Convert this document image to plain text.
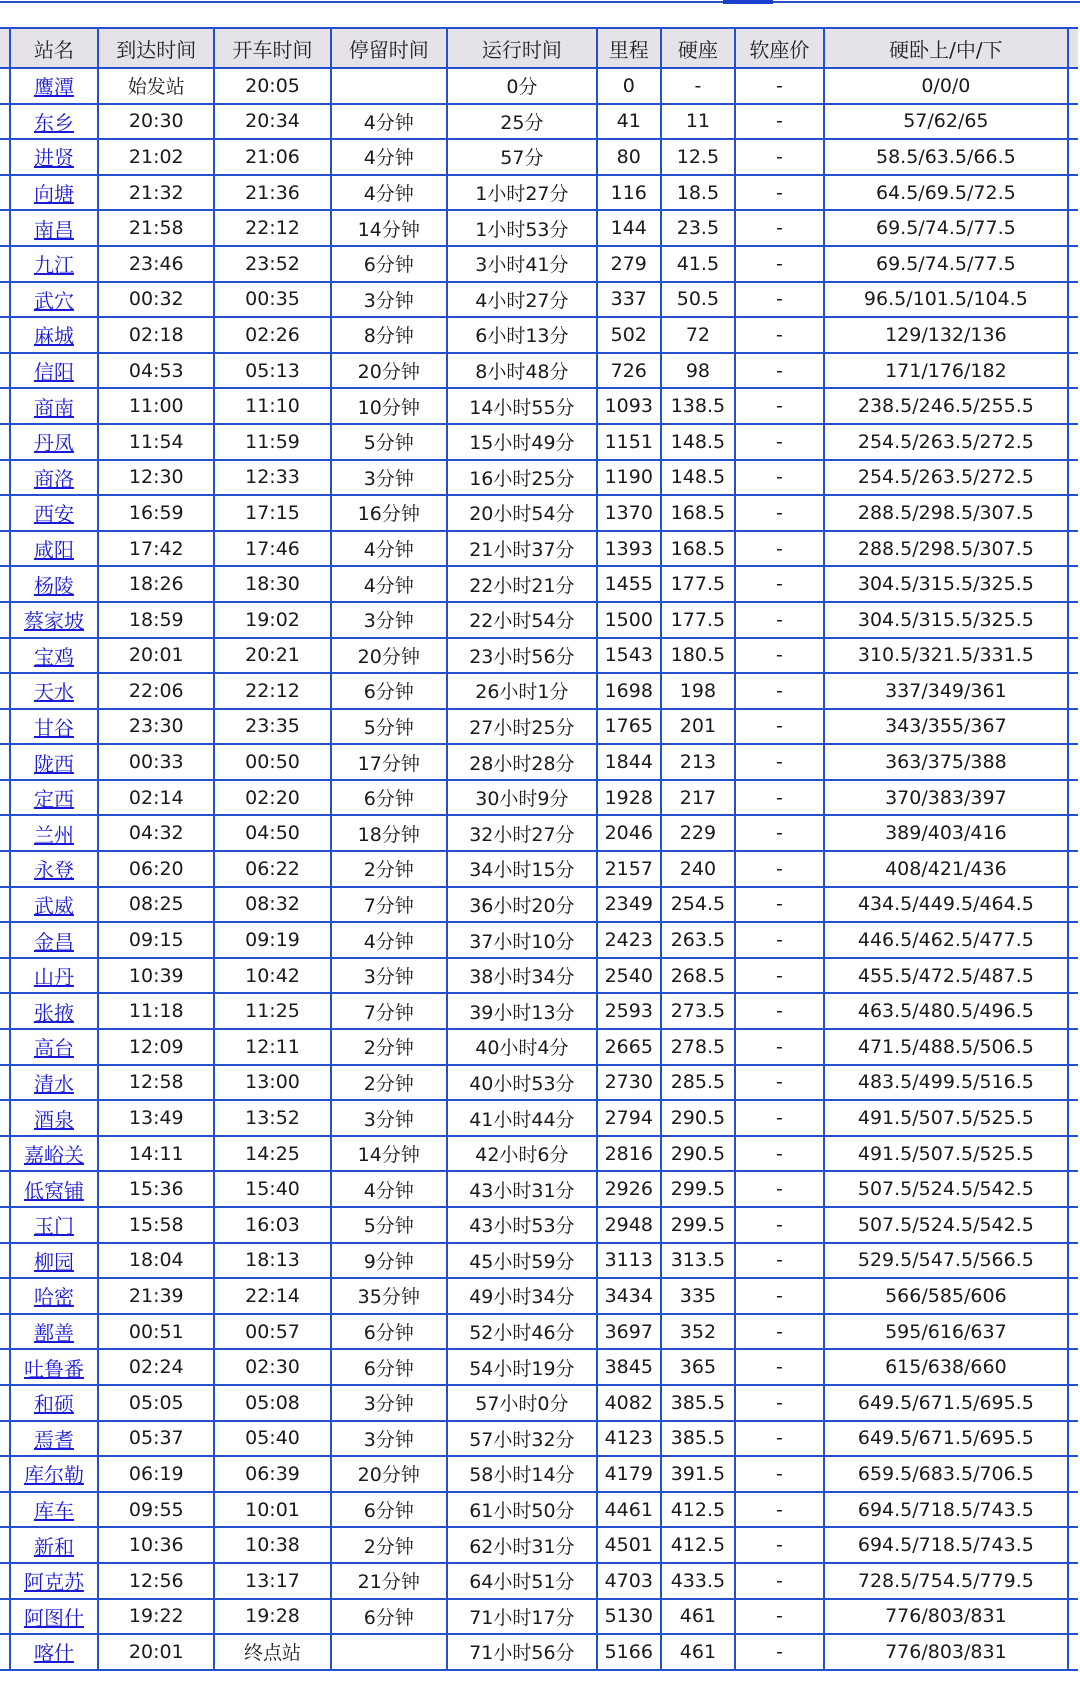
	站名	到达时间	开车时间	停留时间	运行时间	里程	硬座	软座价	硬卧上/中/下	
	鹰潭	始发站	20:05		0分	0	-	-	0/0/0	
	东乡	20:30	20:34	4分钟	25分	41	11	-	57/62/65	
	进贤	21:02	21:06	4分钟	57分	80	12.5	-	58.5/63.5/66.5	
	向塘	21:32	21:36	4分钟	1小时27分	116	18.5	-	64.5/69.5/72.5	
	南昌	21:58	22:12	14分钟	1小时53分	144	23.5	-	69.5/74.5/77.5	
	九江	23:46	23:52	6分钟	3小时41分	279	41.5	-	69.5/74.5/77.5	
	武穴	00:32	00:35	3分钟	4小时27分	337	50.5	-	96.5/101.5/104.5	
	麻城	02:18	02:26	8分钟	6小时13分	502	72	-	129/132/136	
	信阳	04:53	05:13	20分钟	8小时48分	726	98	-	171/176/182	
	商南	11:00	11:10	10分钟	14小时55分	1093	138.5	-	238.5/246.5/255.5	
	丹凤	11:54	11:59	5分钟	15小时49分	1151	148.5	-	254.5/263.5/272.5	
	商洛	12:30	12:33	3分钟	16小时25分	1190	148.5	-	254.5/263.5/272.5	
	西安	16:59	17:15	16分钟	20小时54分	1370	168.5	-	288.5/298.5/307.5	
	咸阳	17:42	17:46	4分钟	21小时37分	1393	168.5	-	288.5/298.5/307.5	
	杨陵	18:26	18:30	4分钟	22小时21分	1455	177.5	-	304.5/315.5/325.5	
	蔡家坡	18:59	19:02	3分钟	22小时54分	1500	177.5	-	304.5/315.5/325.5	
	宝鸡	20:01	20:21	20分钟	23小时56分	1543	180.5	-	310.5/321.5/331.5	
	天水	22:06	22:12	6分钟	26小时1分	1698	198	-	337/349/361	
	甘谷	23:30	23:35	5分钟	27小时25分	1765	201	-	343/355/367	
	陇西	00:33	00:50	17分钟	28小时28分	1844	213	-	363/375/388	
	定西	02:14	02:20	6分钟	30小时9分	1928	217	-	370/383/397	
	兰州	04:32	04:50	18分钟	32小时27分	2046	229	-	389/403/416	
	永登	06:20	06:22	2分钟	34小时15分	2157	240	-	408/421/436	
	武威	08:25	08:32	7分钟	36小时20分	2349	254.5	-	434.5/449.5/464.5	
	金昌	09:15	09:19	4分钟	37小时10分	2423	263.5	-	446.5/462.5/477.5	
	山丹	10:39	10:42	3分钟	38小时34分	2540	268.5	-	455.5/472.5/487.5	
	张掖	11:18	11:25	7分钟	39小时13分	2593	273.5	-	463.5/480.5/496.5	
	高台	12:09	12:11	2分钟	40小时4分	2665	278.5	-	471.5/488.5/506.5	
	清水	12:58	13:00	2分钟	40小时53分	2730	285.5	-	483.5/499.5/516.5	
	酒泉	13:49	13:52	3分钟	41小时44分	2794	290.5	-	491.5/507.5/525.5	
	嘉峪关	14:11	14:25	14分钟	42小时6分	2816	290.5	-	491.5/507.5/525.5	
	低窝铺	15:36	15:40	4分钟	43小时31分	2926	299.5	-	507.5/524.5/542.5	
	玉门	15:58	16:03	5分钟	43小时53分	2948	299.5	-	507.5/524.5/542.5	
	柳园	18:04	18:13	9分钟	45小时59分	3113	313.5	-	529.5/547.5/566.5	
	哈密	21:39	22:14	35分钟	49小时34分	3434	335	-	566/585/606	
	鄯善	00:51	00:57	6分钟	52小时46分	3697	352	-	595/616/637	
	吐鲁番	02:24	02:30	6分钟	54小时19分	3845	365	-	615/638/660	
	和硕	05:05	05:08	3分钟	57小时0分	4082	385.5	-	649.5/671.5/695.5	
	焉耆	05:37	05:40	3分钟	57小时32分	4123	385.5	-	649.5/671.5/695.5	
	库尔勒	06:19	06:39	20分钟	58小时14分	4179	391.5	-	659.5/683.5/706.5	
	库车	09:55	10:01	6分钟	61小时50分	4461	412.5	-	694.5/718.5/743.5	
	新和	10:36	10:38	2分钟	62小时31分	4501	412.5	-	694.5/718.5/743.5	
	阿克苏	12:56	13:17	21分钟	64小时51分	4703	433.5	-	728.5/754.5/779.5	
	阿图什	19:22	19:28	6分钟	71小时17分	5130	461	-	776/803/831	
	喀什	20:01	终点站		71小时56分	5166	461	-	776/803/831	
